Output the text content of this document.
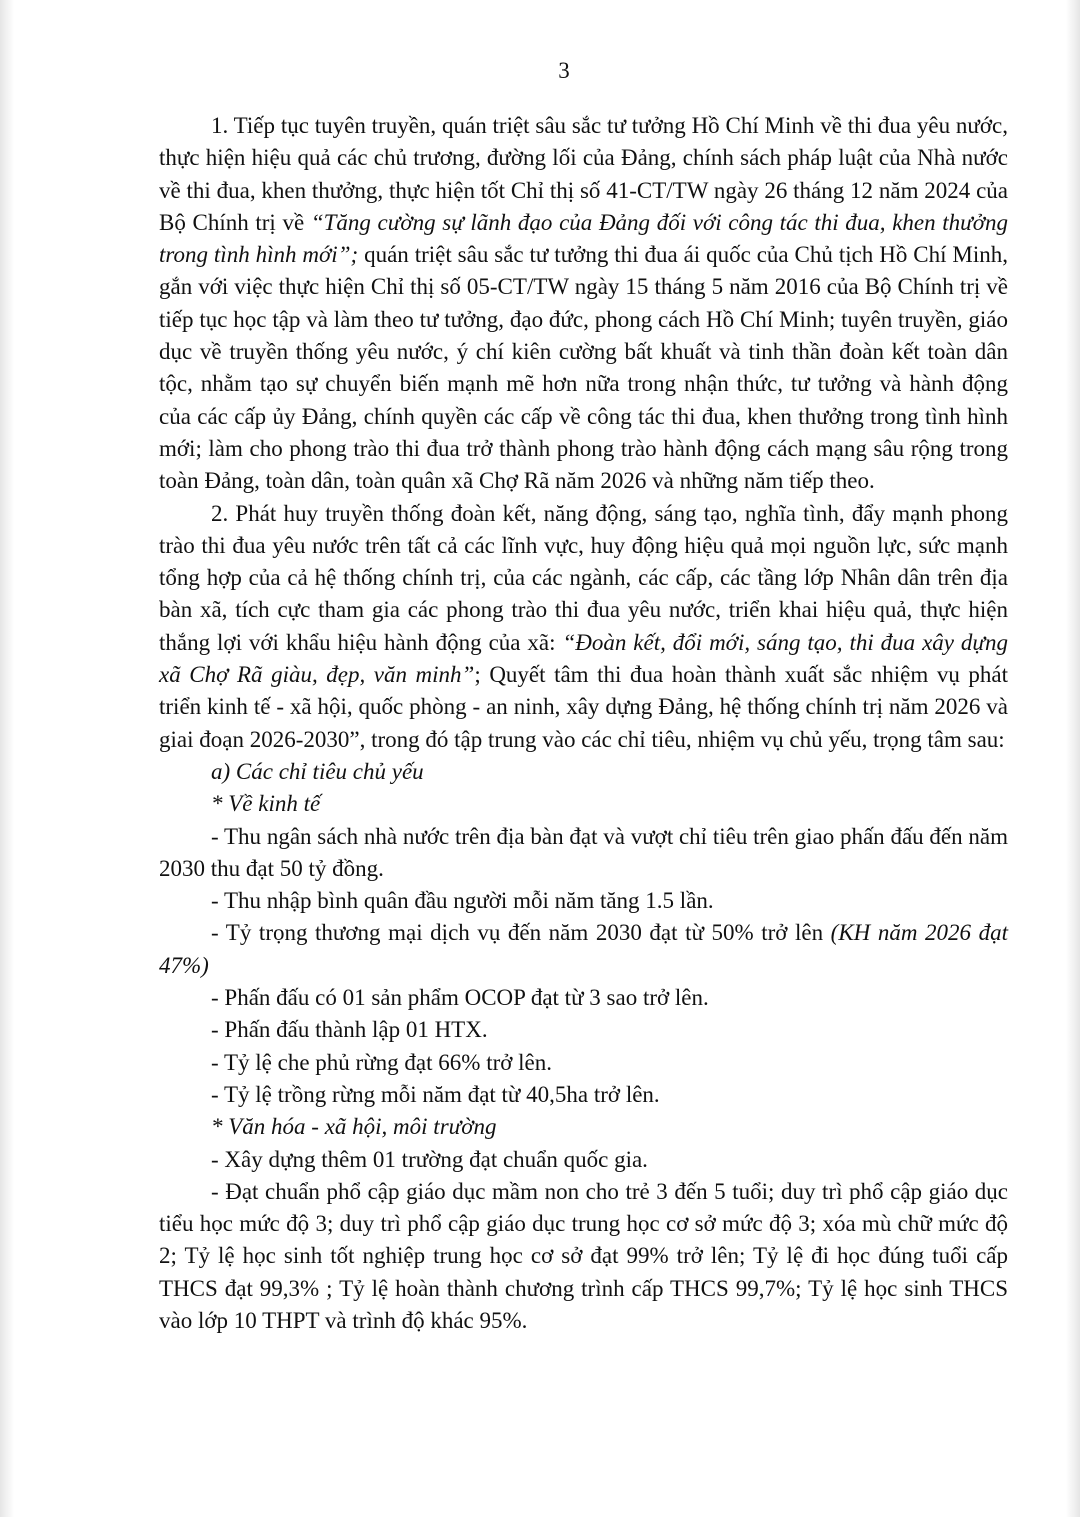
3

1. Tiếp tục tuyên truyền, quán triệt sâu sắc tư tưởng Hồ Chí Minh về thi đua yêu nước, thực hiện hiệu quả các chủ trương, đường lối của Đảng, chính sách pháp luật của Nhà nước về thi đua, khen thưởng, thực hiện tốt Chỉ thị số 41-CT/TW ngày 26 tháng 12 năm 2024 của Bộ Chính trị về “Tăng cường sự lãnh đạo của Đảng đối với công tác thi đua, khen thưởng trong tình hình mới”; quán triệt sâu sắc tư tưởng thi đua ái quốc của Chủ tịch Hồ Chí Minh, gắn với việc thực hiện Chỉ thị số 05-CT/TW ngày 15 tháng 5 năm 2016 của Bộ Chính trị về tiếp tục học tập và làm theo tư tưởng, đạo đức, phong cách Hồ Chí Minh; tuyên truyền, giáo dục về truyền thống yêu nước, ý chí kiên cường bất khuất và tinh thần đoàn kết toàn dân tộc, nhằm tạo sự chuyển biến mạnh mẽ hơn nữa trong nhận thức, tư tưởng và hành động của các cấp ủy Đảng, chính quyền các cấp về công tác thi đua, khen thưởng trong tình hình mới; làm cho phong trào thi đua trở thành phong trào hành động cách mạng sâu rộng trong toàn Đảng, toàn dân, toàn quân xã Chợ Rã năm 2026 và những năm tiếp theo.

2. Phát huy truyền thống đoàn kết, năng động, sáng tạo, nghĩa tình, đẩy mạnh phong trào thi đua yêu nước trên tất cả các lĩnh vực, huy động hiệu quả mọi nguồn lực, sức mạnh tổng hợp của cả hệ thống chính trị, của các ngành, các cấp, các tầng lớp Nhân dân trên địa bàn xã, tích cực tham gia các phong trào thi đua yêu nước, triển khai hiệu quả, thực hiện thắng lợi với khẩu hiệu hành động của xã: “Đoàn kết, đổi mới, sáng tạo, thi đua xây dựng xã Chợ Rã giàu, đẹp, văn minh”; Quyết tâm thi đua hoàn thành xuất sắc nhiệm vụ phát triển kinh tế - xã hội, quốc phòng - an ninh, xây dựng Đảng, hệ thống chính trị năm 2026 và giai đoạn 2026-2030”, trong đó tập trung vào các chỉ tiêu, nhiệm vụ chủ yếu, trọng tâm sau:

a) Các chỉ tiêu chủ yếu

* Về kinh tế

- Thu ngân sách nhà nước trên địa bàn đạt và vượt chỉ tiêu trên giao phấn đấu đến năm 2030 thu đạt 50 tỷ đồng.

- Thu nhập bình quân đầu người mỗi năm tăng 1.5 lần.

- Tỷ trọng thương mại dịch vụ đến năm 2030 đạt từ 50% trở lên (KH năm 2026 đạt 47%)

- Phấn đấu có 01 sản phẩm OCOP đạt từ 3 sao trở lên.

- Phấn đấu thành lập 01 HTX.

- Tỷ lệ che phủ rừng đạt 66% trở lên.

- Tỷ lệ trồng rừng mỗi năm đạt từ 40,5ha trở lên.

* Văn hóa - xã hội, môi trường

- Xây dựng thêm 01 trường đạt chuẩn quốc gia.

- Đạt chuẩn phổ cập giáo dục mầm non cho trẻ 3 đến 5 tuổi; duy trì phổ cập giáo dục tiểu học mức độ 3; duy trì phổ cập giáo dục trung học cơ sở mức độ 3; xóa mù chữ mức độ 2; Tỷ lệ học sinh tốt nghiệp trung học cơ sở đạt 99% trở lên; Tỷ lệ đi học đúng tuổi cấp THCS đạt 99,3% ; Tỷ lệ hoàn thành chương trình cấp THCS 99,7%; Tỷ lệ học sinh THCS vào lớp 10 THPT và trình độ khác 95%.
